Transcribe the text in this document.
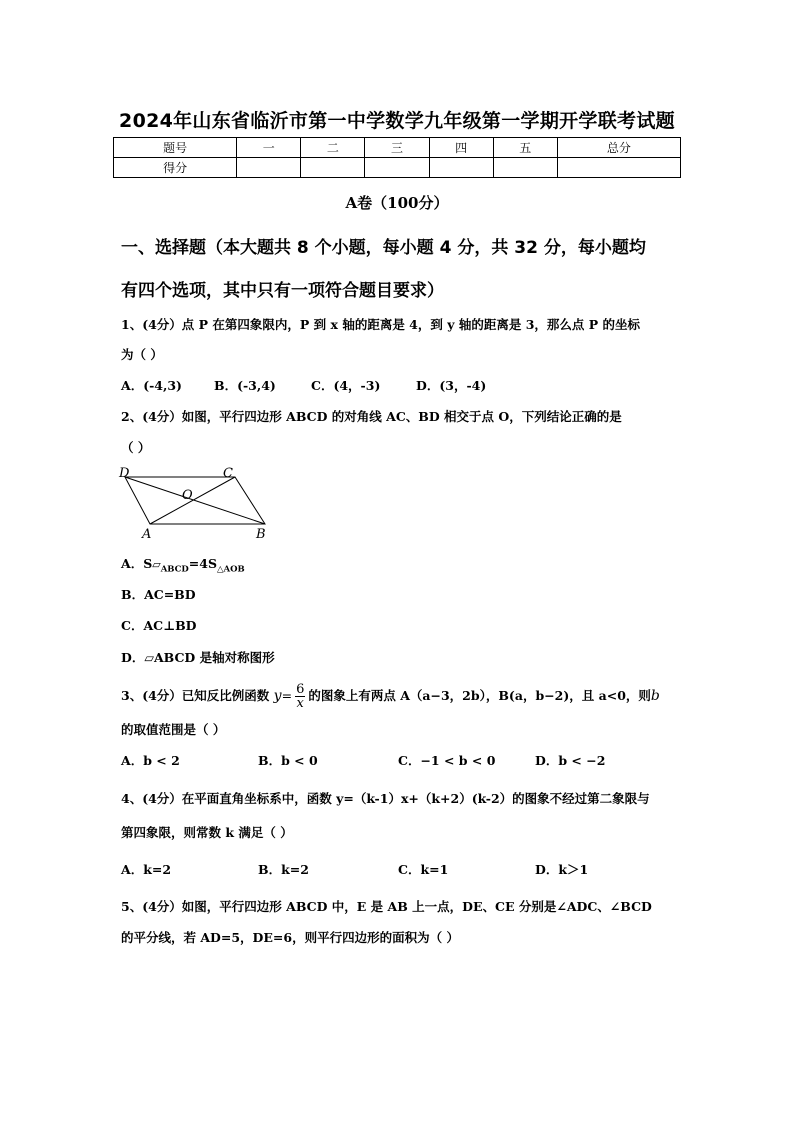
2024年山东省临沂市第一中学数学九年级第一学期开学联考试题
题号	一	二	三	四	五	总分
得分						
A卷（100分）
一、选择题（本大题共 8 个小题，每小题 4 分，共 32 分，每小题均
有四个选项，其中只有一项符合题目要求）
1、(4分）点 P 在第四象限内，P 到 x 轴的距离是 4，到 y 轴的距离是 3，那么点 P 的坐标
为（ ）
A．(-4,3)	B．(-3,4)	C．(4，-3)	D．(3，-4)
2、(4分）如图，平行四边形 ABCD 的对角线 AC、BD 相交于点 O，下列结论正确的是
（ ）
D	C
O
A	B
A．$S▱_{ABCD}=4S_{\triangle AOB}$
B．AC=BD
C．AC⊥BD
D．▱ABCD 是轴对称图形
3、(4分）已知反比例函数 $y= \frac{6}{x}$ 的图象上有两点 A（a−3，2b），B(a，b−2)，且 a<0，则b
的取值范围是（ ）
A．b < 2	B．b < 0	C．−1 < b < 0	D．b < −2
4、(4分）在平面直角坐标系中，函数 y=（k-1）x+（k+2）(k-2）的图象不经过第二象限与
第四象限，则常数 k 满足（ ）
A．k=2	B．k=2	C．k=1	D．k＞1
5、(4分）如图，平行四边形 ABCD 中，E 是 AB 上一点，DE、CE 分别是∠ADC、∠BCD
的平分线，若 AD=5，DE=6，则平行四边形的面积为（ ）
